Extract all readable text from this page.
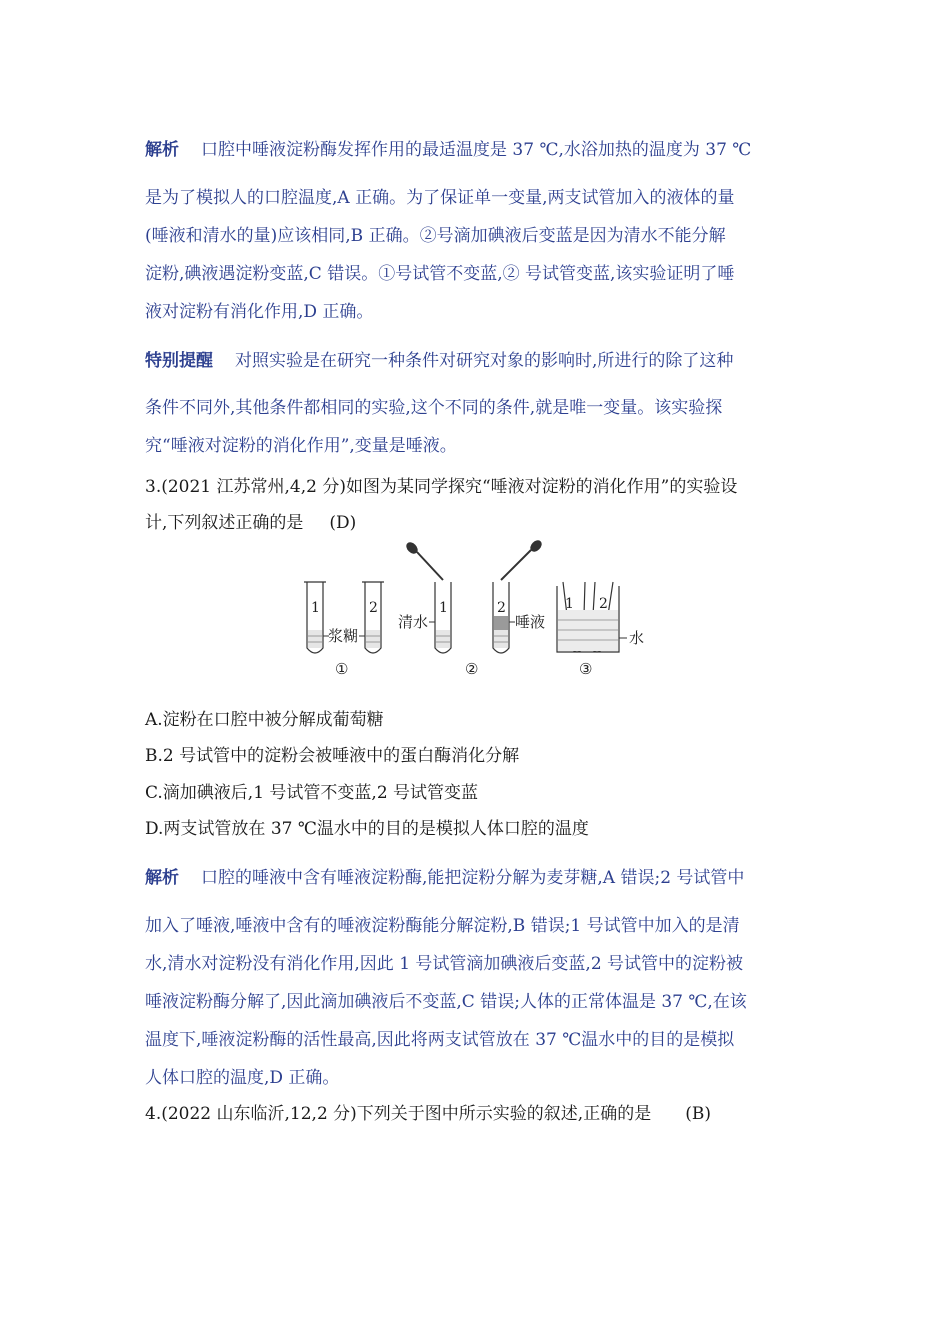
解析 口腔中唾液淀粉酶发挥作用的最适温度是 37 ℃,水浴加热的温度为 37 ℃
是为了模拟人的口腔温度,A 正确。为了保证单一变量,两支试管加入的液体的量
(唾液和清水的量)应该相同,B 正确。②号滴加碘液后变蓝是因为清水不能分解
淀粉,碘液遇淀粉变蓝,C 错误。①号试管不变蓝,② 号试管变蓝,该实验证明了唾
液对淀粉有消化作用,D 正确。
特别提醒 对照实验是在研究一种条件对研究对象的影响时,所进行的除了这种
条件不同外,其他条件都相同的实验,这个不同的条件,就是唯一变量。该实验探
究“唾液对淀粉的消化作用”,变量是唾液。
3.(2021 江苏常州,4,2 分)如图为某同学探究“唾液对淀粉的消化作用”的实验设
计,下列叙述正确的是 (D)
1	2
浆糊
1	2
清水	唾液
1 2
水
①	②	③
A.淀粉在口腔中被分解成葡萄糖
B.2 号试管中的淀粉会被唾液中的蛋白酶消化分解
C.滴加碘液后,1 号试管不变蓝,2 号试管变蓝
D.两支试管放在 37 ℃温水中的目的是模拟人体口腔的温度
解析 口腔的唾液中含有唾液淀粉酶,能把淀粉分解为麦芽糖,A 错误;2 号试管中
加入了唾液,唾液中含有的唾液淀粉酶能分解淀粉,B 错误;1 号试管中加入的是清
水,清水对淀粉没有消化作用,因此 1 号试管滴加碘液后变蓝,2 号试管中的淀粉被
唾液淀粉酶分解了,因此滴加碘液后不变蓝,C 错误;人体的正常体温是 37 ℃,在该
温度下,唾液淀粉酶的活性最高,因此将两支试管放在 37 ℃温水中的目的是模拟
人体口腔的温度,D 正确。
4.(2022 山东临沂,12,2 分)下列关于图中所示实验的叙述,正确的是 (B)
